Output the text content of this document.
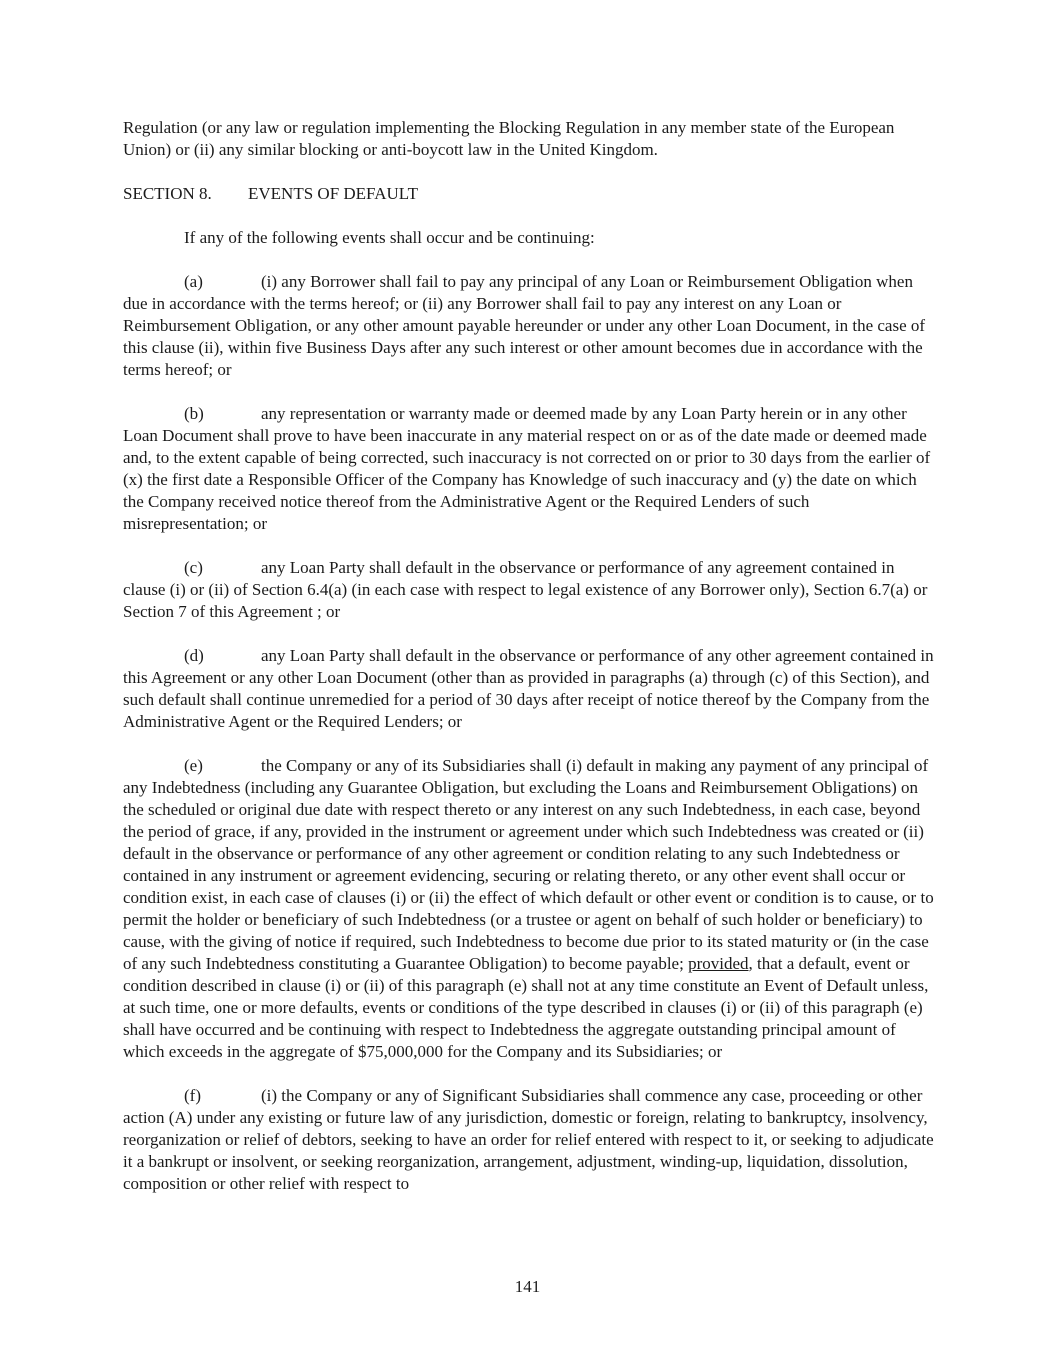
Regulation (or any law or regulation implementing the Blocking Regulation in any member state of the European Union) or (ii) any similar blocking or anti-boycott law in the United Kingdom.

SECTION 8. EVENTS OF DEFAULT

If any of the following events shall occur and be continuing:

(a)	(i) any Borrower shall fail to pay any principal of any Loan or Reimbursement Obligation when due in accordance with the terms hereof; or (ii) any Borrower shall fail to pay any interest on any Loan or Reimbursement Obligation, or any other amount payable hereunder or under any other Loan Document, in the case of this clause (ii), within five Business Days after any such interest or other amount becomes due in accordance with the terms hereof; or

(b)	any representation or warranty made or deemed made by any Loan Party herein or in any other Loan Document shall prove to have been inaccurate in any material respect on or as of the date made or deemed made and, to the extent capable of being corrected, such inaccuracy is not corrected on or prior to 30 days from the earlier of (x) the first date a Responsible Officer of the Company has Knowledge of such inaccuracy and (y) the date on which the Company received notice thereof from the Administrative Agent or the Required Lenders of such misrepresentation; or

(c)	any Loan Party shall default in the observance or performance of any agreement contained in clause (i) or (ii) of Section 6.4(a) (in each case with respect to legal existence of any Borrower only), Section 6.7(a) or Section 7 of this Agreement ; or

(d)	any Loan Party shall default in the observance or performance of any other agreement contained in this Agreement or any other Loan Document (other than as provided in paragraphs (a) through (c) of this Section), and such default shall continue unremedied for a period of 30 days after receipt of notice thereof by the Company from the Administrative Agent or the Required Lenders; or

(e)	the Company or any of its Subsidiaries shall (i) default in making any payment of any principal of any Indebtedness (including any Guarantee Obligation, but excluding the Loans and Reimbursement Obligations) on the scheduled or original due date with respect thereto or any interest on any such Indebtedness, in each case, beyond the period of grace, if any, provided in the instrument or agreement under which such Indebtedness was created or (ii) default in the observance or performance of any other agreement or condition relating to any such Indebtedness or contained in any instrument or agreement evidencing, securing or relating thereto, or any other event shall occur or condition exist, in each case of clauses (i) or (ii) the effect of which default or other event or condition is to cause, or to permit the holder or beneficiary of such Indebtedness (or a trustee or agent on behalf of such holder or beneficiary) to cause, with the giving of notice if required, such Indebtedness to become due prior to its stated maturity or (in the case of any such Indebtedness constituting a Guarantee Obligation) to become payable; provided, that a default, event or condition described in clause (i) or (ii) of this paragraph (e) shall not at any time constitute an Event of Default unless, at such time, one or more defaults, events or conditions of the type described in clauses (i) or (ii) of this paragraph (e) shall have occurred and be continuing with respect to Indebtedness the aggregate outstanding principal amount of which exceeds in the aggregate of $75,000,000 for the Company and its Subsidiaries; or

(f)	(i) the Company or any of Significant Subsidiaries shall commence any case, proceeding or other action (A) under any existing or future law of any jurisdiction, domestic or foreign, relating to bankruptcy, insolvency, reorganization or relief of debtors, seeking to have an order for relief entered with respect to it, or seeking to adjudicate it a bankrupt or insolvent, or seeking reorganization, arrangement, adjustment, winding-up, liquidation, dissolution, composition or other relief with respect to

141
